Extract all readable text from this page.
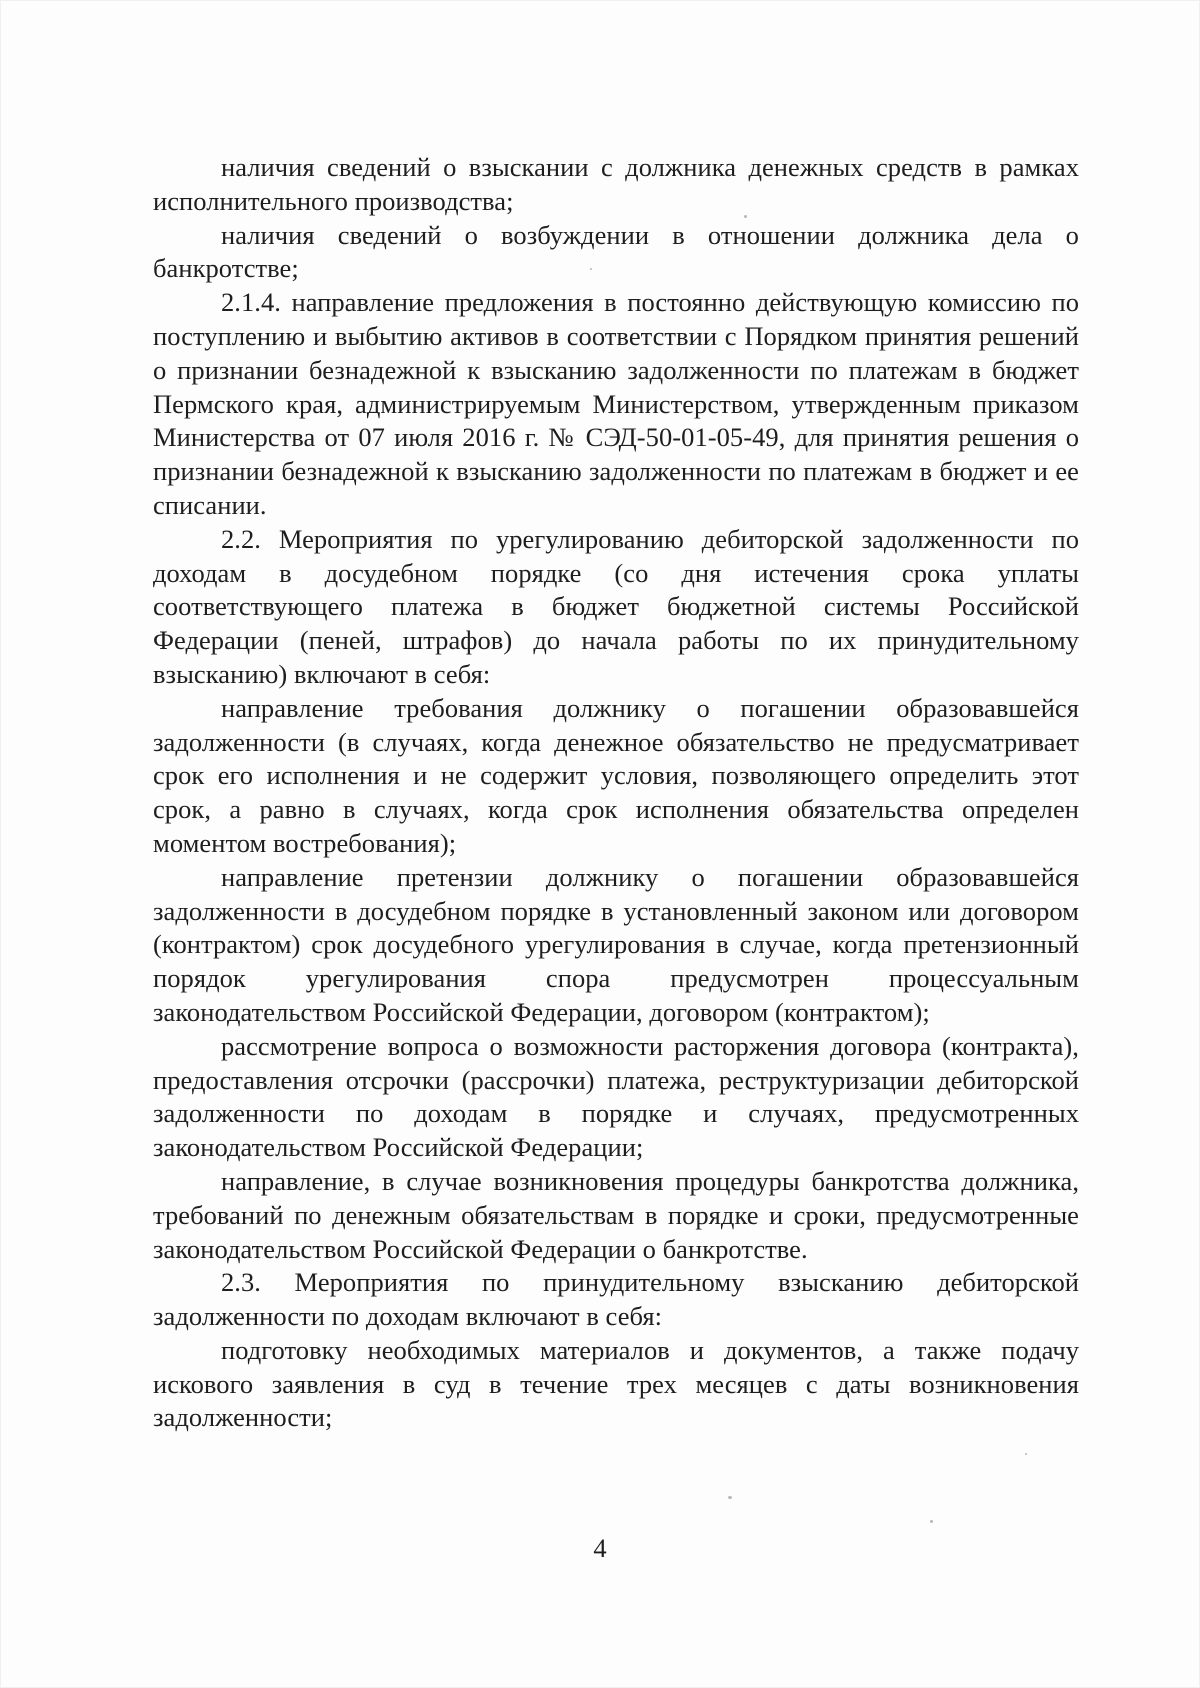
наличия сведений о взыскании с должника денежных средств в рамках исполнительного производства;

наличия сведений о возбуждении в отношении должника дела о банкротстве;

2.1.4. направление предложения в постоянно действующую комиссию по поступлению и выбытию активов в соответствии с Порядком принятия решений о признании безнадежной к взысканию задолженности по платежам в бюджет Пермского края, администрируемым Министерством, утвержденным приказом Министерства от 07 июля 2016 г. № СЭД-50-01-05-49, для принятия решения о признании безнадежной к взысканию задолженности по платежам в бюджет и ее списании.

2.2. Мероприятия по урегулированию дебиторской задолженности по доходам в досудебном порядке (со дня истечения срока уплаты соответствующего платежа в бюджет бюджетной системы Российской Федерации (пеней, штрафов) до начала работы по их принудительному взысканию) включают в себя:

направление требования должнику о погашении образовавшейся задолженности (в случаях, когда денежное обязательство не предусматривает срок его исполнения и не содержит условия, позволяющего определить этот срок, а равно в случаях, когда срок исполнения обязательства определен моментом востребования);

направление претензии должнику о погашении образовавшейся задолженности в досудебном порядке в установленный законом или договором (контрактом) срок досудебного урегулирования в случае, когда претензионный порядок урегулирования спора предусмотрен процессуальным законодательством Российской Федерации, договором (контрактом);

рассмотрение вопроса о возможности расторжения договора (контракта), предоставления отсрочки (рассрочки) платежа, реструктуризации дебиторской задолженности по доходам в порядке и случаях, предусмотренных законодательством Российской Федерации;

направление, в случае возникновения процедуры банкротства должника, требований по денежным обязательствам в порядке и сроки, предусмотренные законодательством Российской Федерации о банкротстве.

2.3. Мероприятия по принудительному взысканию дебиторской задолженности по доходам включают в себя:

подготовку необходимых материалов и документов, а также подачу искового заявления в суд в течение трех месяцев с даты возникновения задолженности;

4
